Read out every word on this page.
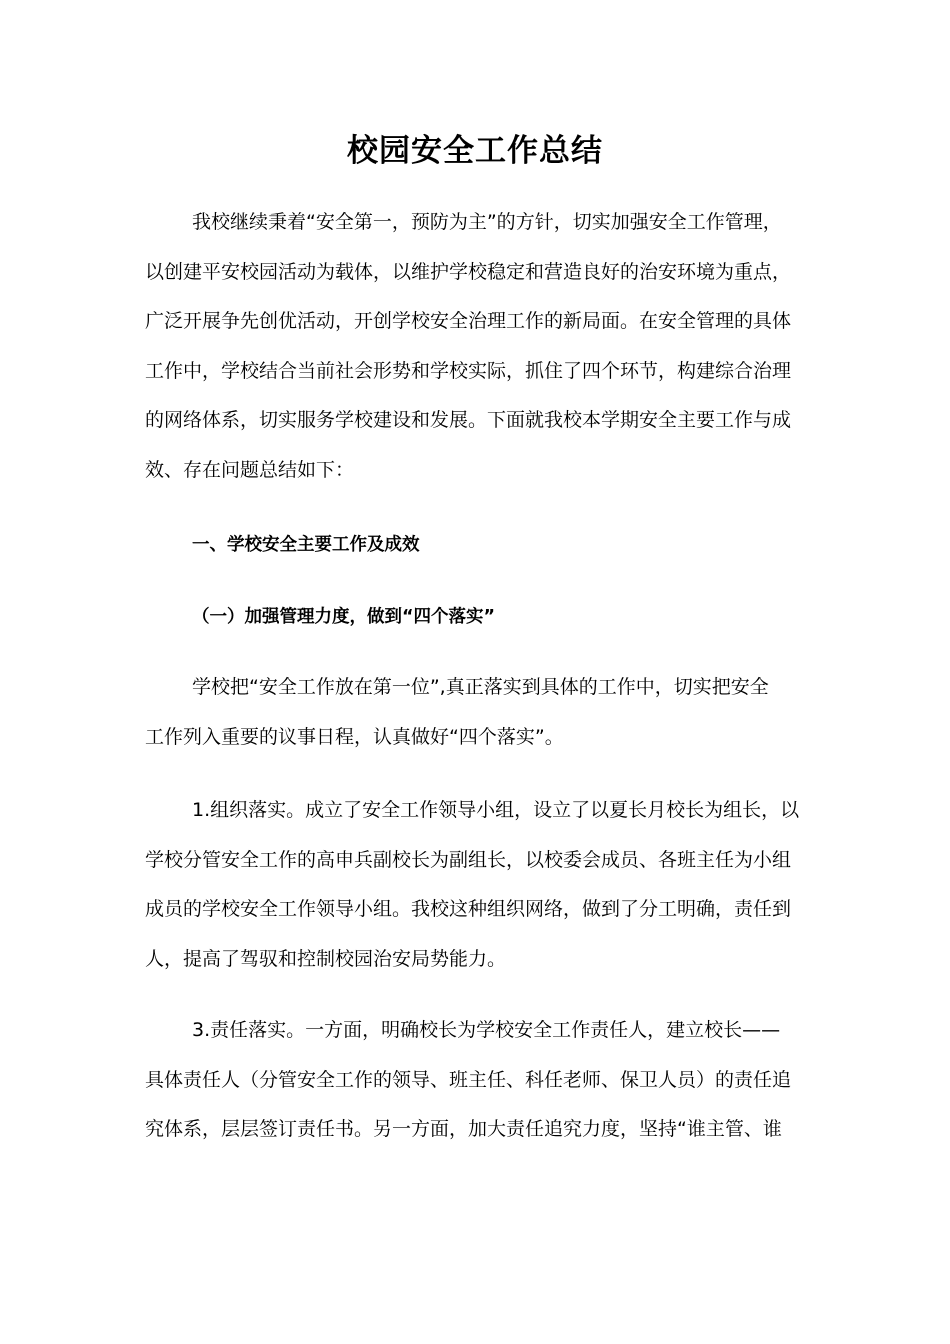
校园安全工作总结
我校继续秉着“安全第一，预防为主”的方针，切实加强安全工作管理，
以创建平安校园活动为载体，以维护学校稳定和营造良好的治安环境为重点，
广泛开展争先创优活动，开创学校安全治理工作的新局面。在安全管理的具体
工作中，学校结合当前社会形势和学校实际，抓住了四个环节，构建综合治理
的网络体系，切实服务学校建设和发展。下面就我校本学期安全主要工作与成
效、存在问题总结如下：
一、学校安全主要工作及成效
（一）加强管理力度，做到“四个落实”
学校把“安全工作放在第一位”,真正落实到具体的工作中，切实把安全
工作列入重要的议事日程，认真做好“四个落实”。
1.组织落实。成立了安全工作领导小组，设立了以夏长月校长为组长，以
学校分管安全工作的高申兵副校长为副组长，以校委会成员、各班主任为小组
成员的学校安全工作领导小组。我校这种组织网络，做到了分工明确，责任到
人，提高了驾驭和控制校园治安局势能力。
3.责任落实。一方面，明确校长为学校安全工作责任人，建立校长——
具体责任人（分管安全工作的领导、班主任、科任老师、保卫人员）的责任追
究体系，层层签订责任书。另一方面，加大责任追究力度，坚持“谁主管、谁
